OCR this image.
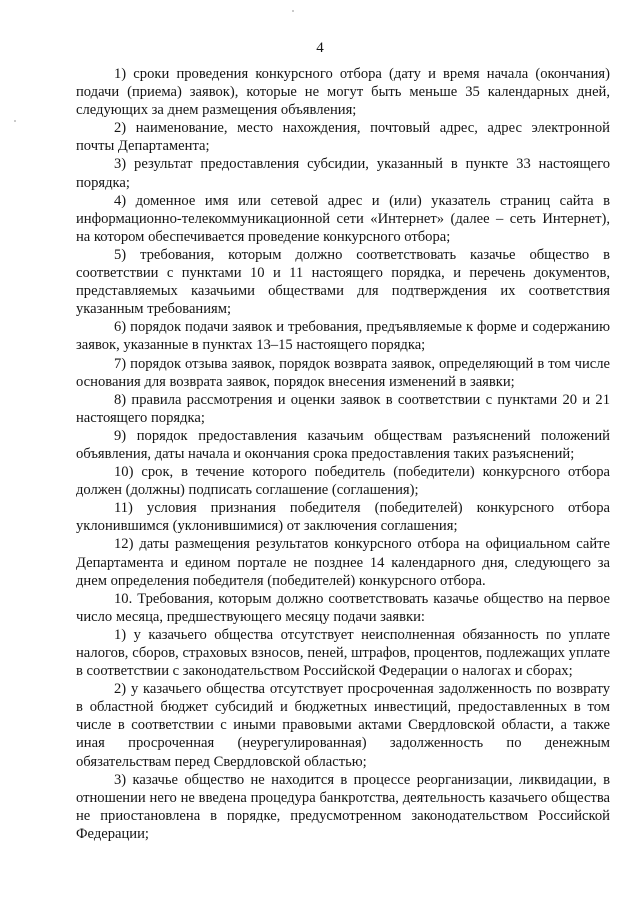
4

1) сроки проведения конкурсного отбора (дату и время начала (окончания) подачи (приема) заявок), которые не могут быть меньше 35 календарных дней, следующих за днем размещения объявления;

2) наименование, место нахождения, почтовый адрес, адрес электронной почты Департамента;

3) результат предоставления субсидии, указанный в пункте 33 настоящего порядка;

4) доменное имя или сетевой адрес и (или) указатель страниц сайта в информационно-телекоммуникационной сети «Интернет» (далее – сеть Интернет), на котором обеспечивается проведение конкурсного отбора;

5) требования, которым должно соответствовать казачье общество в соответствии с пунктами 10 и 11 настоящего порядка, и перечень документов, представляемых казачьими обществами для подтверждения их соответствия указанным требованиям;

6) порядок подачи заявок и требования, предъявляемые к форме и содержанию заявок, указанные в пунктах 13–15 настоящего порядка;

7) порядок отзыва заявок, порядок возврата заявок, определяющий в том числе основания для возврата заявок, порядок внесения изменений в заявки;

8) правила рассмотрения и оценки заявок в соответствии с пунктами 20 и 21 настоящего порядка;

9) порядок предоставления казачьим обществам разъяснений положений объявления, даты начала и окончания срока предоставления таких разъяснений;

10) срок, в течение которого победитель (победители) конкурсного отбора должен (должны) подписать соглашение (соглашения);

11) условия признания победителя (победителей) конкурсного отбора уклонившимся (уклонившимися) от заключения соглашения;

12) даты размещения результатов конкурсного отбора на официальном сайте Департамента и едином портале не позднее 14 календарного дня, следующего за днем определения победителя (победителей) конкурсного отбора.

10. Требования, которым должно соответствовать казачье общество на первое число месяца, предшествующего месяцу подачи заявки:

1) у казачьего общества отсутствует неисполненная обязанность по уплате налогов, сборов, страховых взносов, пеней, штрафов, процентов, подлежащих уплате в соответствии с законодательством Российской Федерации о налогах и сборах;

2) у казачьего общества отсутствует просроченная задолженность по возврату в областной бюджет субсидий и бюджетных инвестиций, предоставленных в том числе в соответствии с иными правовыми актами Свердловской области, а также иная просроченная (неурегулированная) задолженность по денежным обязательствам перед Свердловской областью;

3) казачье общество не находится в процессе реорганизации, ликвидации, в отношении него не введена процедура банкротства, деятельность казачьего общества не приостановлена в порядке, предусмотренном законодательством Российской Федерации;
